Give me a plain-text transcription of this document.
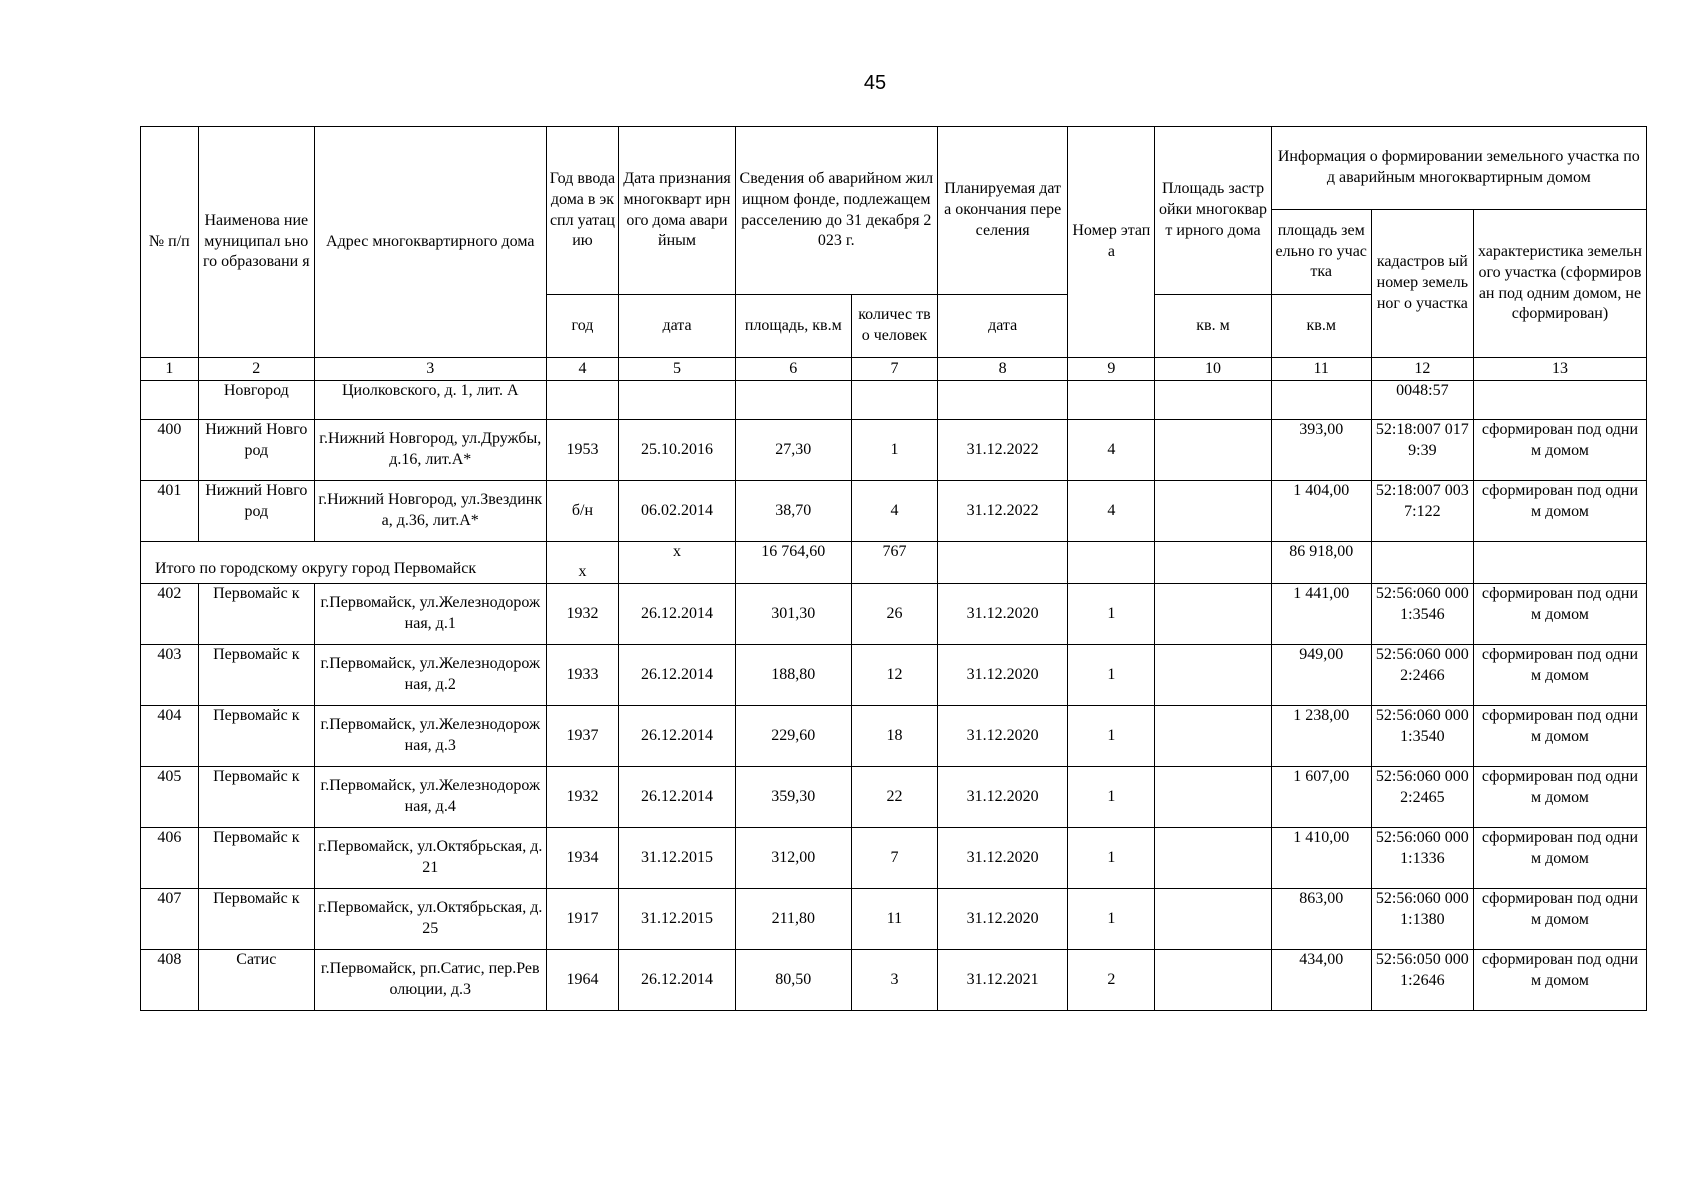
45
№ п/п	Наименова ние муниципал ьного образовани я	Адрес многоквартирного дома	Год ввода дома в экспл уатац ию	Дата признания многокварт ирного дома аварийным	Сведения об аварийном жилищном фонде, подлежащем расселению до 31 декабря 2023 г.		Планируемая дата окончания переселения	Номер этапа	Площадь застройки многокварт ирного дома	Информация о формировании земельного участка под аварийным многоквартирным домом		
										площадь земельно го участка	кадастров ый номер земельног о участка	характеристика земельного участка (сформирован под одним домом, не сформирован)
			год	дата	площадь, кв.м	количес тво человек	дата		кв. м	кв.м		
1	2	3	4	5	6	7	8	9	10	11	12	13
	Новгород	Циолковского, д. 1, лит. А									0048:57	
400	Нижний Новгород	г.Нижний Новгород, ул.Дружбы, д.16, лит.А*	1953	25.10.2016	27,30	1	31.12.2022	4		393,00	52:18:007 0179:39	сформирован под одним домом
401	Нижний Новгород	г.Нижний Новгород, ул.Звездинка, д.36, лит.А*	б/н	06.02.2014	38,70	4	31.12.2022	4		1 404,00	52:18:007 0037:122	сформирован под одним домом
Итого по городскому округу город Первомайск			х	х	16 764,60	767				86 918,00		
402	Первомайс к	г.Первомайск, ул.Железнодорожная, д.1	1932	26.12.2014	301,30	26	31.12.2020	1		1 441,00	52:56:060 0001:3546	сформирован под одним домом
403	Первомайс к	г.Первомайск, ул.Железнодорожная, д.2	1933	26.12.2014	188,80	12	31.12.2020	1		949,00	52:56:060 0002:2466	сформирован под одним домом
404	Первомайс к	г.Первомайск, ул.Железнодорожная, д.3	1937	26.12.2014	229,60	18	31.12.2020	1		1 238,00	52:56:060 0001:3540	сформирован под одним домом
405	Первомайс к	г.Первомайск, ул.Железнодорожная, д.4	1932	26.12.2014	359,30	22	31.12.2020	1		1 607,00	52:56:060 0002:2465	сформирован под одним домом
406	Первомайс к	г.Первомайск, ул.Октябрьская, д.21	1934	31.12.2015	312,00	7	31.12.2020	1		1 410,00	52:56:060 0001:1336	сформирован под одним домом
407	Первомайс к	г.Первомайск, ул.Октябрьская, д.25	1917	31.12.2015	211,80	11	31.12.2020	1		863,00	52:56:060 0001:1380	сформирован под одним домом
408	Сатис	г.Первомайск, рп.Сатис, пер.Революции, д.3	1964	26.12.2014	80,50	3	31.12.2021	2		434,00	52:56:050 0001:2646	сформирован под одним домом
